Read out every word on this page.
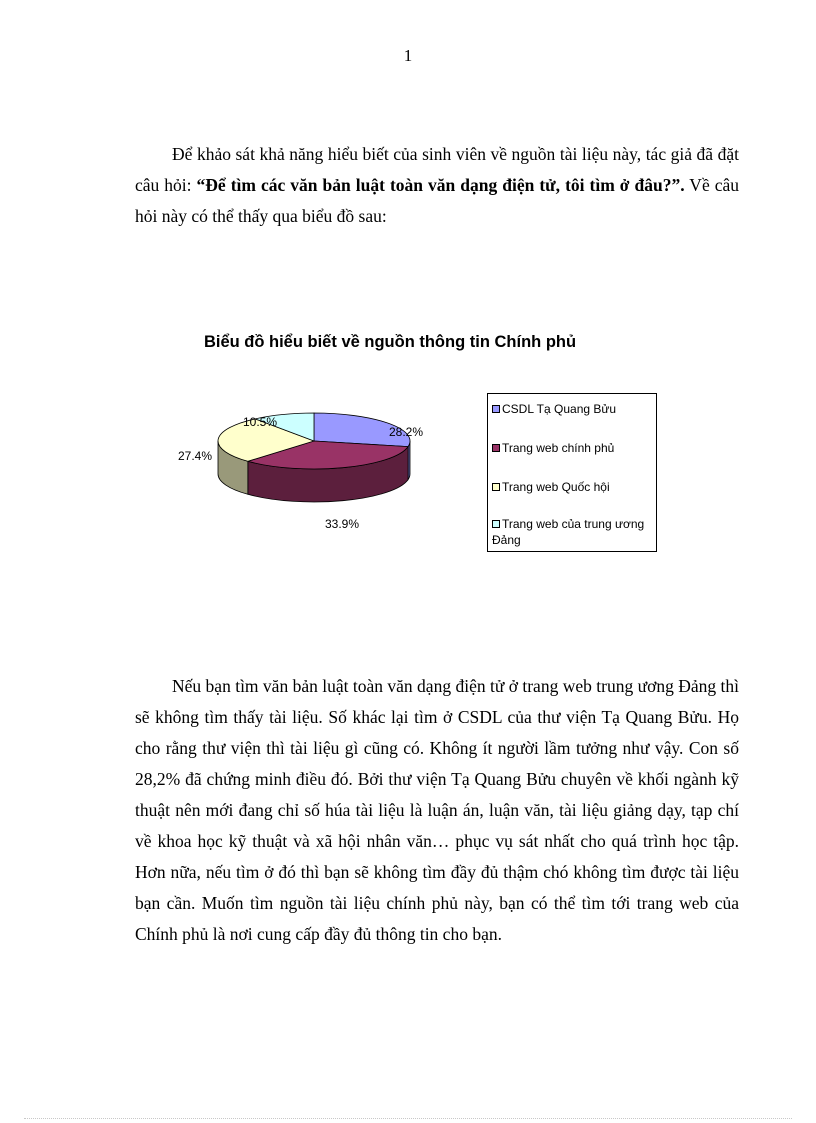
1

Để khảo sát khả năng hiểu biết của sinh viên về nguồn tài liệu này, tác giả đã đặt câu hỏi: “Để tìm các văn bản luật toàn văn dạng điện tử, tôi tìm ở đâu?”. Về câu hỏi này có thể thấy qua biểu đồ sau:

Biểu đồ hiểu biết về nguồn thông tin Chính phủ
28.2%
33.9%
27.4%
10.5%
CSDL Tạ Quang Bửu
Trang web chính phủ
Trang web Quốc hội
Trang web của trung ương Đảng

Nếu bạn tìm văn bản luật toàn văn dạng điện tử ở trang web trung ương Đảng thì sẽ không tìm thấy tài liệu. Số khác lại tìm ở CSDL của thư viện Tạ Quang Bửu. Họ cho rằng thư viện thì tài liệu gì cũng có. Không ít người lầm tưởng như vậy. Con số 28,2% đã chứng minh điều đó. Bởi thư viện Tạ Quang Bửu chuyên về khối ngành kỹ thuật nên mới đang chỉ số húa tài liệu là luận án, luận văn, tài liệu giảng dạy, tạp chí về khoa học kỹ thuật và xã hội nhân văn… phục vụ sát nhất cho quá trình học tập. Hơn nữa, nếu tìm ở đó thì bạn sẽ không tìm đầy đủ thậm chó không tìm được tài liệu bạn cần. Muốn tìm nguồn tài liệu chính phủ này, bạn có thể tìm tới trang web của Chính phủ là nơi cung cấp đầy đủ thông tin cho bạn.
